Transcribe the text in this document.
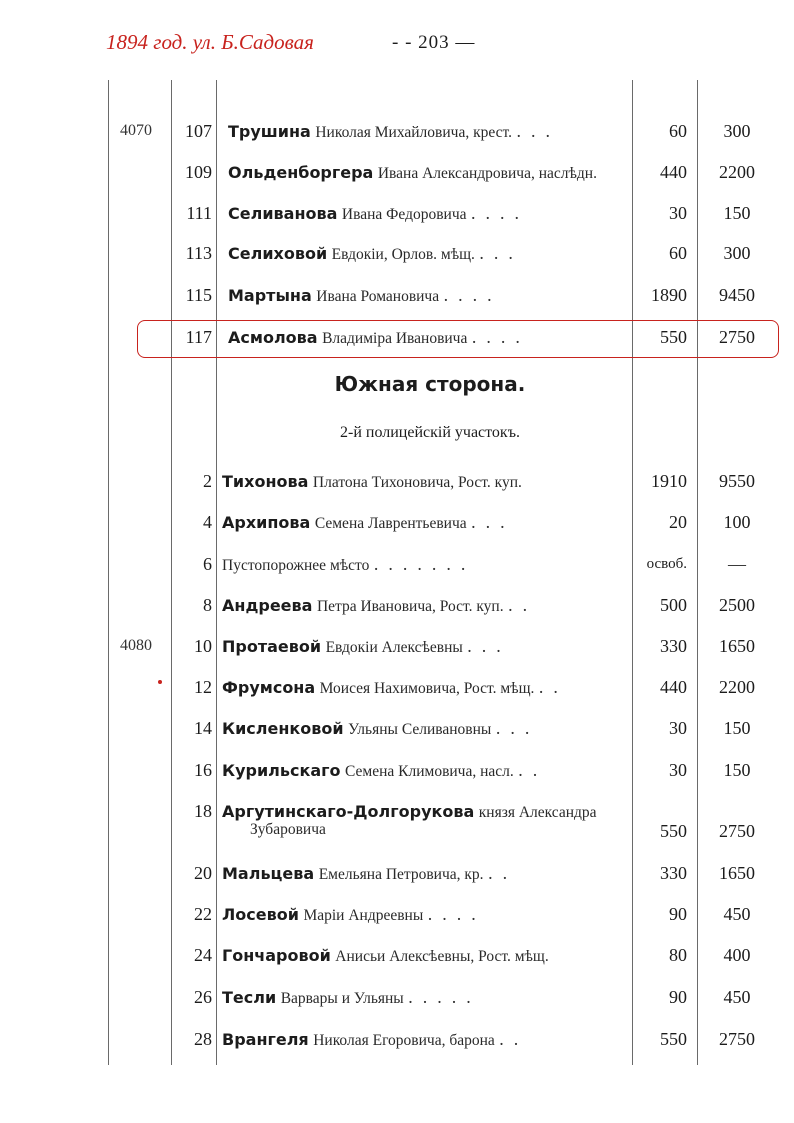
1894 год. ул. Б.Садовая	- - 203 —
4070	107 Трушина Николая Михайловича, крест. ...	60	300
109 Ольденборгера Ивана Александровича, наслѣдн.	440	2200
111 Селиванова Ивана Федоровича ....	30	150
113 Селиховой Евдокіи, Орлов. мѣщ. ...	60	300
115 Мартына Ивана Романовича ....	1890	9450
117 Асмолова Владиміра Ивановича ....	550	2750
Южная сторона.
2-й полицейскій участокъ.
2 Тихонова Платона Тихоновича, Рост. куп.	1910	9550
4 Архипова Семена Лаврентьевича ...	20	100
6 Пустопорожнее мѣсто .......	освоб.	—
8 Андреева Петра Ивановича, Рост. куп. ..	500	2500
4080	10 Протаевой Евдокіи Алексѣевны ...	330	1650
12 Фрумсона Моисея Нахимовича, Рост. мѣщ. ..	440	2200
14 Кисленковой Ульяны Селивановны ...	30	150
16 Курильскаго Семена Климовича, насл. ..	30	150
18 Аргутинскаго-Долгорукова князя Александра
Зубаровича	550	2750
20 Мальцева Емельяна Петровича, кр. ..	330	1650
22 Лосевой Маріи Андреевны ....	90	450
24 Гончаровой Анисьи Алексѣевны, Рост. мѣщ.	80	400
26 Тесли Варвары и Ульяны .....	90	450
28 Врангеля Николая Егоровича, барона ..	550	2750
